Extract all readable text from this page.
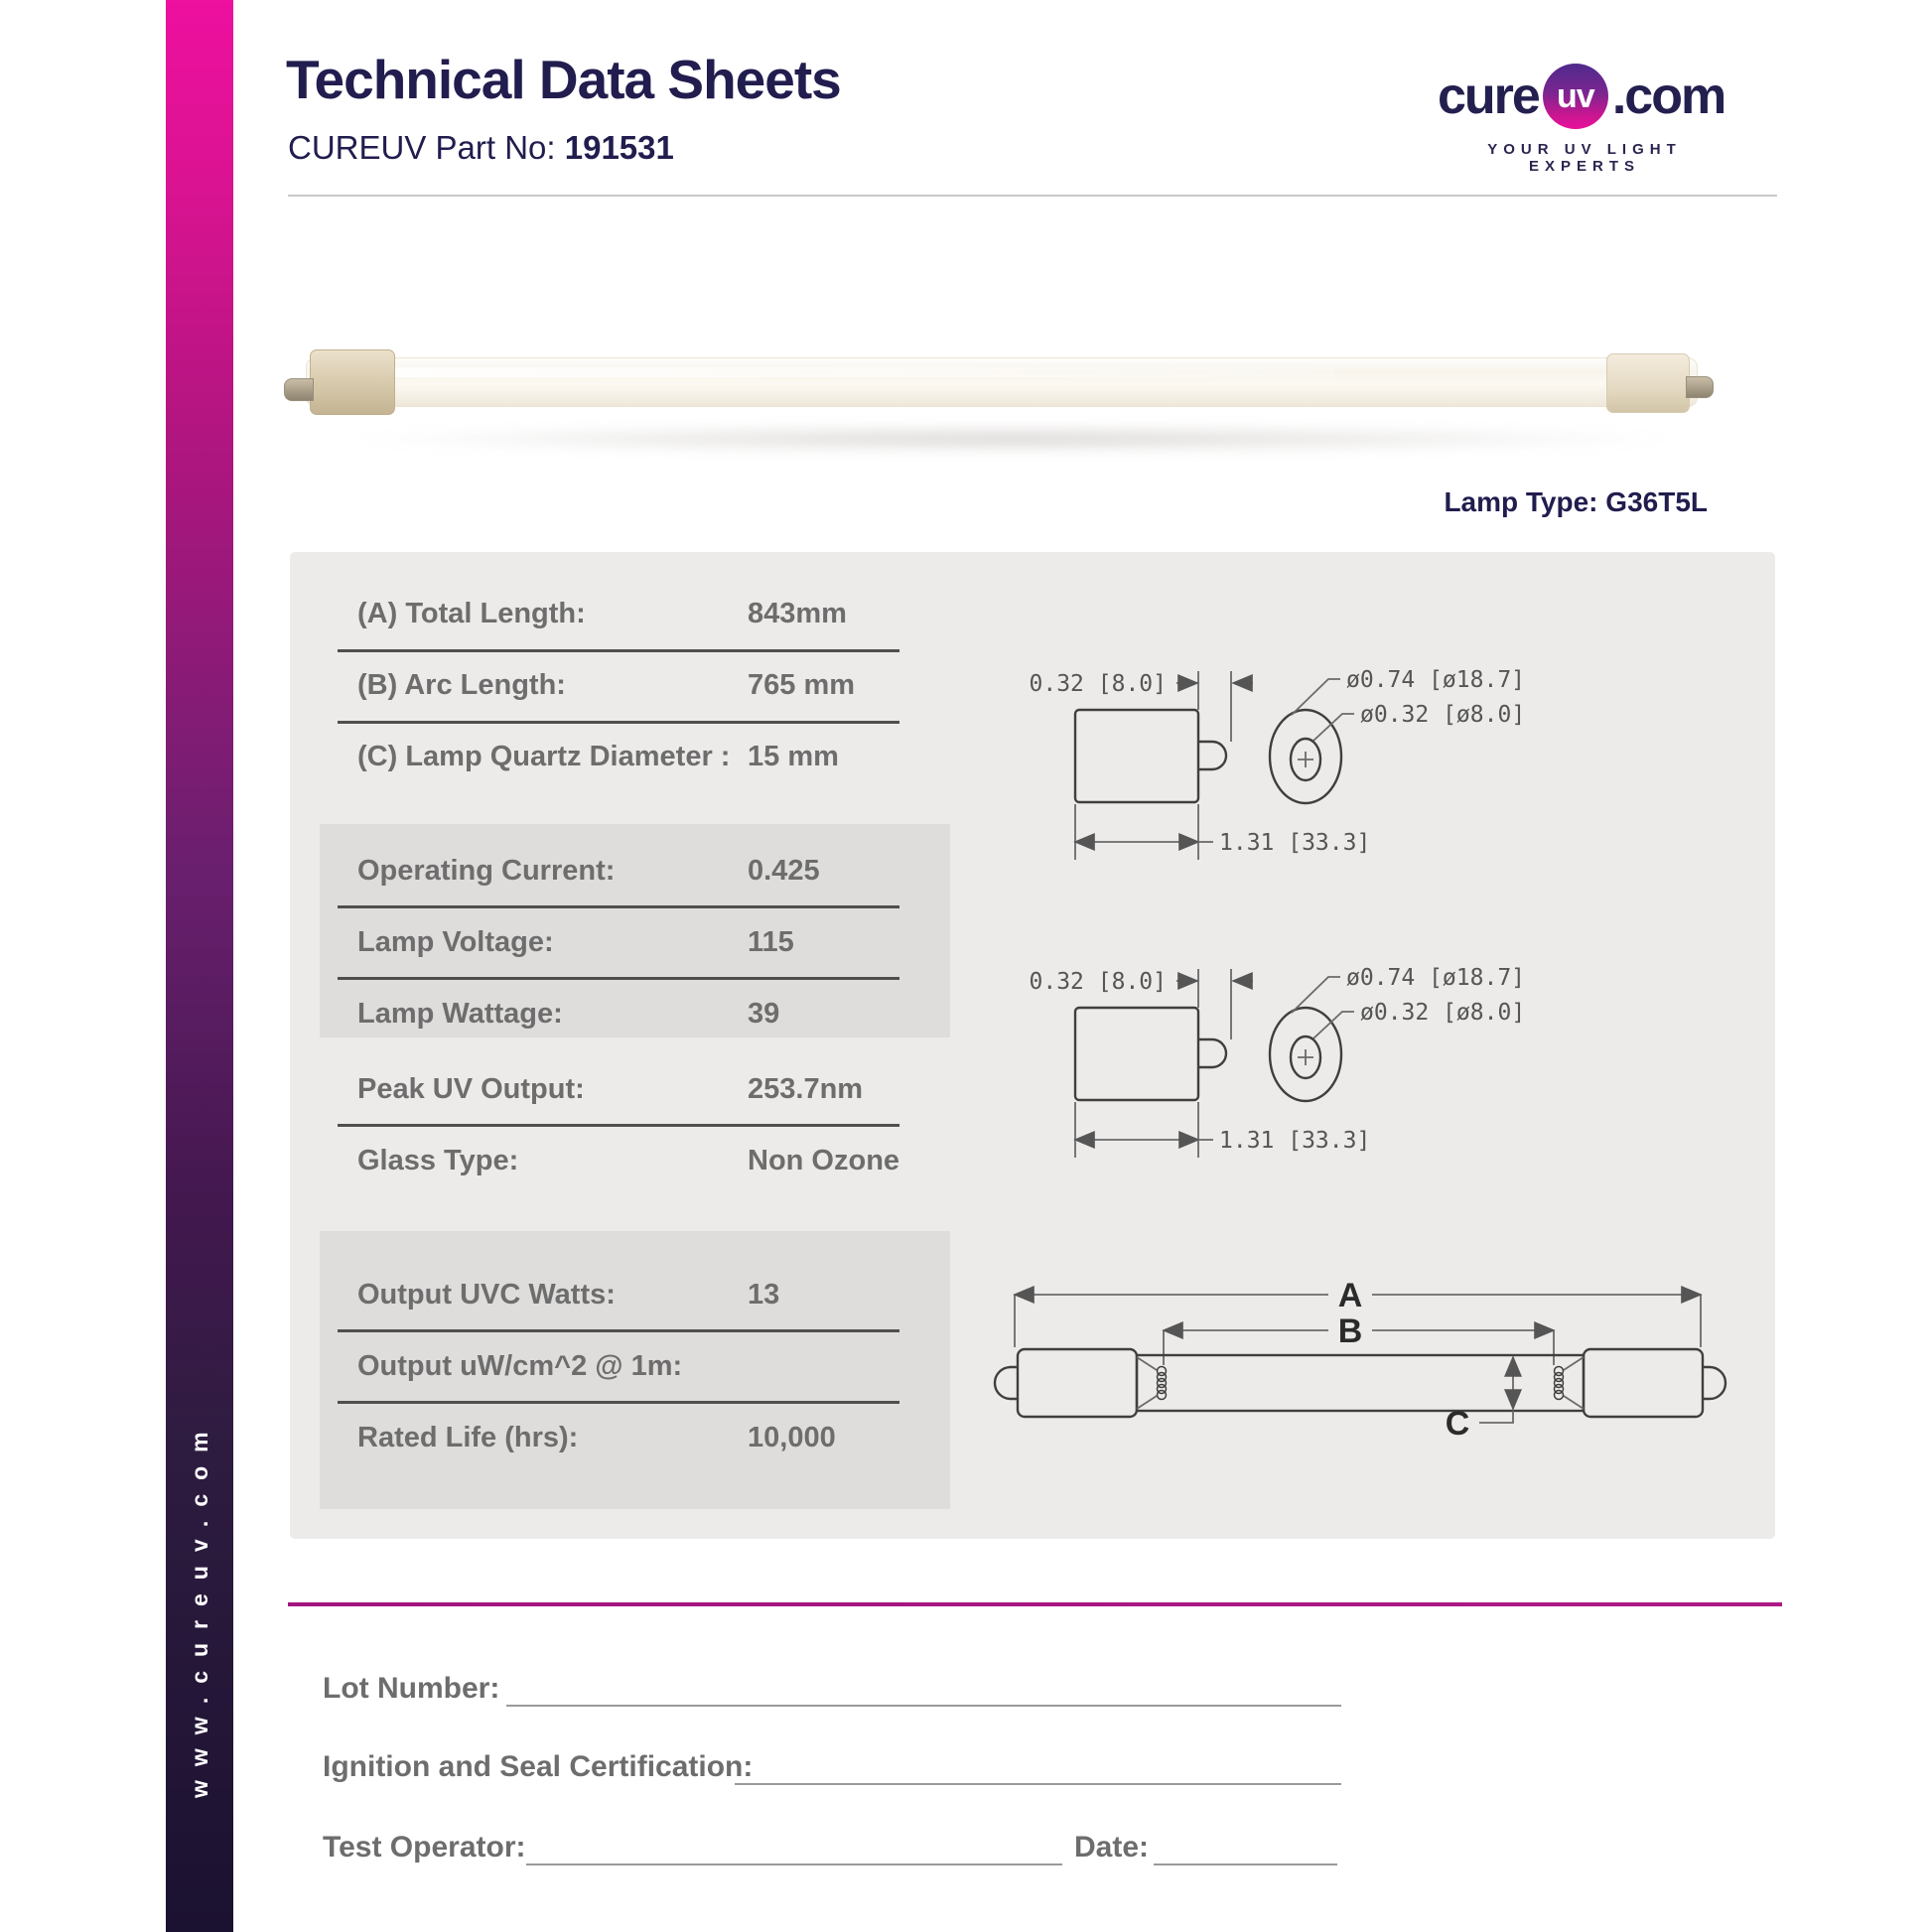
www.cureuv.com
Technical Data Sheets
CUREUV Part No: 191531
cure uv .com
YOUR UV LIGHT EXPERTS
Lamp Type: G36T5L
(A) Total Length:	843mm
(B) Arc Length:	765 mm
(C) Lamp Quartz Diameter : 15 mm
Operating Current:	0.425
Lamp Voltage:	115
Lamp Wattage:	39
Peak UV Output:	253.7nm
Glass Type:	Non Ozone
Output UVC Watts:	13
Output uW/cm^2 @ 1m:
Rated Life (hrs):	10,000
0.32 [8.0]
1.31 [33.3]
ø0.74 [ø18.7]
ø0.32 [ø8.0]
0.32 [8.0]
1.31 [33.3]
ø0.74 [ø18.7]
ø0.32 [ø8.0]
A
B
C
Lot Number:
Ignition and Seal Certification:
Test Operator:	Date:
